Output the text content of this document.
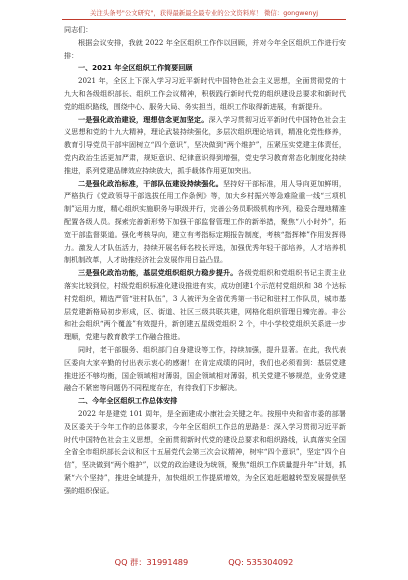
关注头条号"公文研究"，获得最新最全最专业的公文资料库！ 微信：gongwenyj

同志们：

根据会议安排，我就 2022 年全区组织工作作以回顾，并对今年全区组织工作进行安排：

一、2021 年全区组织工作简要回顾

2021 年，全区上下深入学习习近平新时代中国特色社会主义思想，全面贯彻党的十九大和各级组织部长、组织工作会议精神，积极践行新时代党的组织建设总要求和新时代党的组织路线，围绕中心、服务大局、务实担当，组织工作取得新进展，有新提升。

一是强化政治建设，理想信念更加坚定。深入学习贯彻习近平新时代中国特色社会主义思想和党的十九大精神，理论武装持续强化，多层次组织理论培训，精准化党性修养，教育引导党员干部牢固树立“四个意识”，坚决做到“两个维护”，压紧压实党建主体责任，党内政治生活更加严肃，规矩意识、纪律意识得到增强，党史学习教育常态化制度化持续推进，系列党建品牌效应持续放大，抓手载体作用更加突出。

二是强化政治标准，干部队伍建设持续强化。坚持好干部标准，用人导向更加鲜明，严格执行《党政领导干部选拔任用工作条例》等，加大乡村振兴等急难险重一线“三项机制”运用力度，精心组织实施职务与职级并行，完善公务员职级机构序列，稳妥合理地精准配置各级人员。探索完善新形势下加强干部监督管理工作的新举措，聚焦“八小时外”，拓宽干部监督渠道。强化考核导向，建立有考指标定期报告制度，考核“指挥棒”作用发挥得力。激发人才队伍活力，持续开展名师名校长评选，加强优秀年轻干部培养，人才培养机制机制改革，人才助推经济社会发展作用日益凸显。

三是强化政治功能，基层党组织组织力稳步提升。各级党组织和党组织书记主责主业落实比较到位，村级党组织标准化建设推进有实，成功创建1个示范村党组织和 38 个达标村党组织，精选严管“驻村队伍”，3 人被评为全省优秀第一书记和驻村工作队员，城市基层党建新格局初步形成，区、街道、社区三级共联共建，网格化组织管理日臻完善。非公和社会组织“两个覆盖”有效提升，新创建五星级党组织 2 个，中小学校党组织关系进一步理顺，党建与教育教学工作融合推进。

同时，老干部服务、组织部门自身建设等工作，持续加强，提升显著。在此，我代表区委向大家辛勤的付出表示衷心的感谢！在肯定成绩的同时，我们也必须看到：基层党建推进还不够均衡，国企领域相对薄弱，国企领域相对薄弱，机关党建不够规范，业务党建融合不紧密等问题仍不同程度存在，有待我们下步解决。

二、今年全区组织工作总体安排

2022 年是建党 101 周年，是全面建成小康社会关键之年。按照中央和省市委的部署及区委关于今年工作的总体要求，今年全区组织工作总的思路是：深入学习贯彻习近平新时代中国特色社会主义思想，全面贯彻新时代党的建设总要求和组织路线，认真落实全国全省全市组织部长会议和区十五届党代会第三次会议精神，树牢“四个意识”，坚定“四个自信”，坚决做到“两个维护”，以党的政治建设为统领，聚焦“组织工作质量提升年”计划，抓紧“六个坚持”，推进全域提升，加快组织工作提质增效，为全区追赶超越转型发展提供坚强的组织保证。

QQ 群：31991489	QQ: 535304092
